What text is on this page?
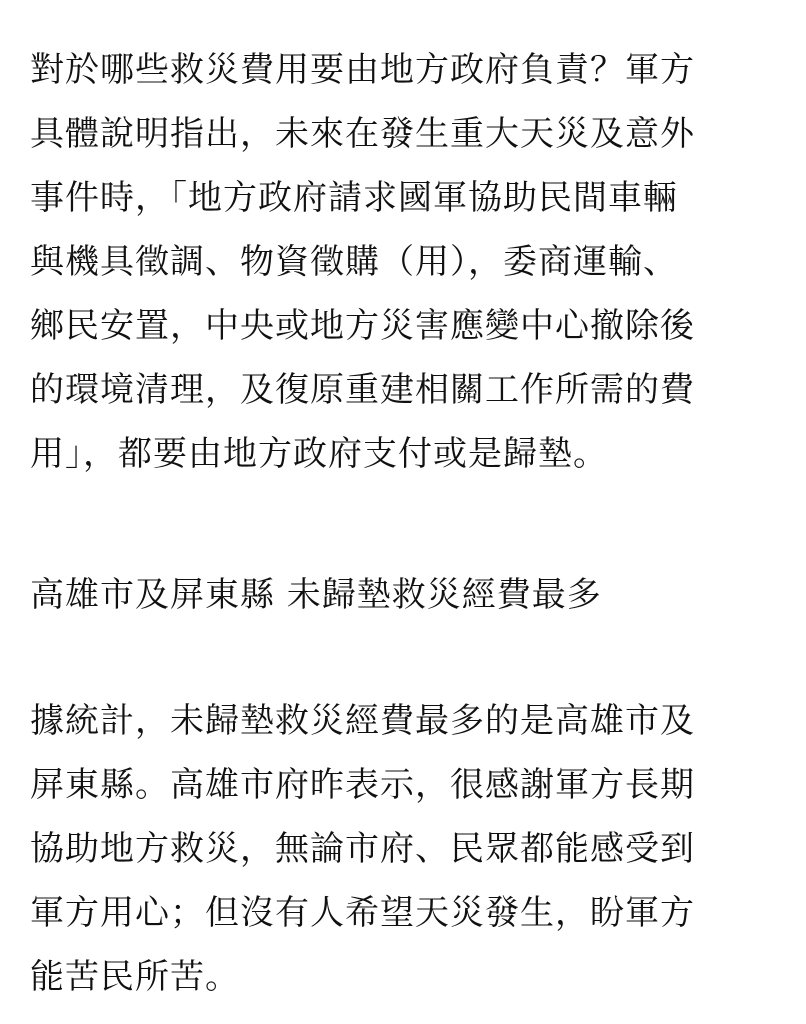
對於哪些救災費用要由地方政府負責？軍方
具體說明指出，未來在發生重大天災及意外
事件時，「地方政府請求國軍協助民間車輛
與機具徵調、物資徵購（用），委商運輸、
鄉民安置，中央或地方災害應變中心撤除後
的環境清理，及復原重建相關工作所需的費
用」，都要由地方政府支付或是歸墊。

高雄市及屏東縣 未歸墊救災經費最多

據統計，未歸墊救災經費最多的是高雄市及
屏東縣。高雄市府昨表示，很感謝軍方長期
協助地方救災，無論市府、民眾都能感受到
軍方用心；但沒有人希望天災發生，盼軍方
能苦民所苦。
